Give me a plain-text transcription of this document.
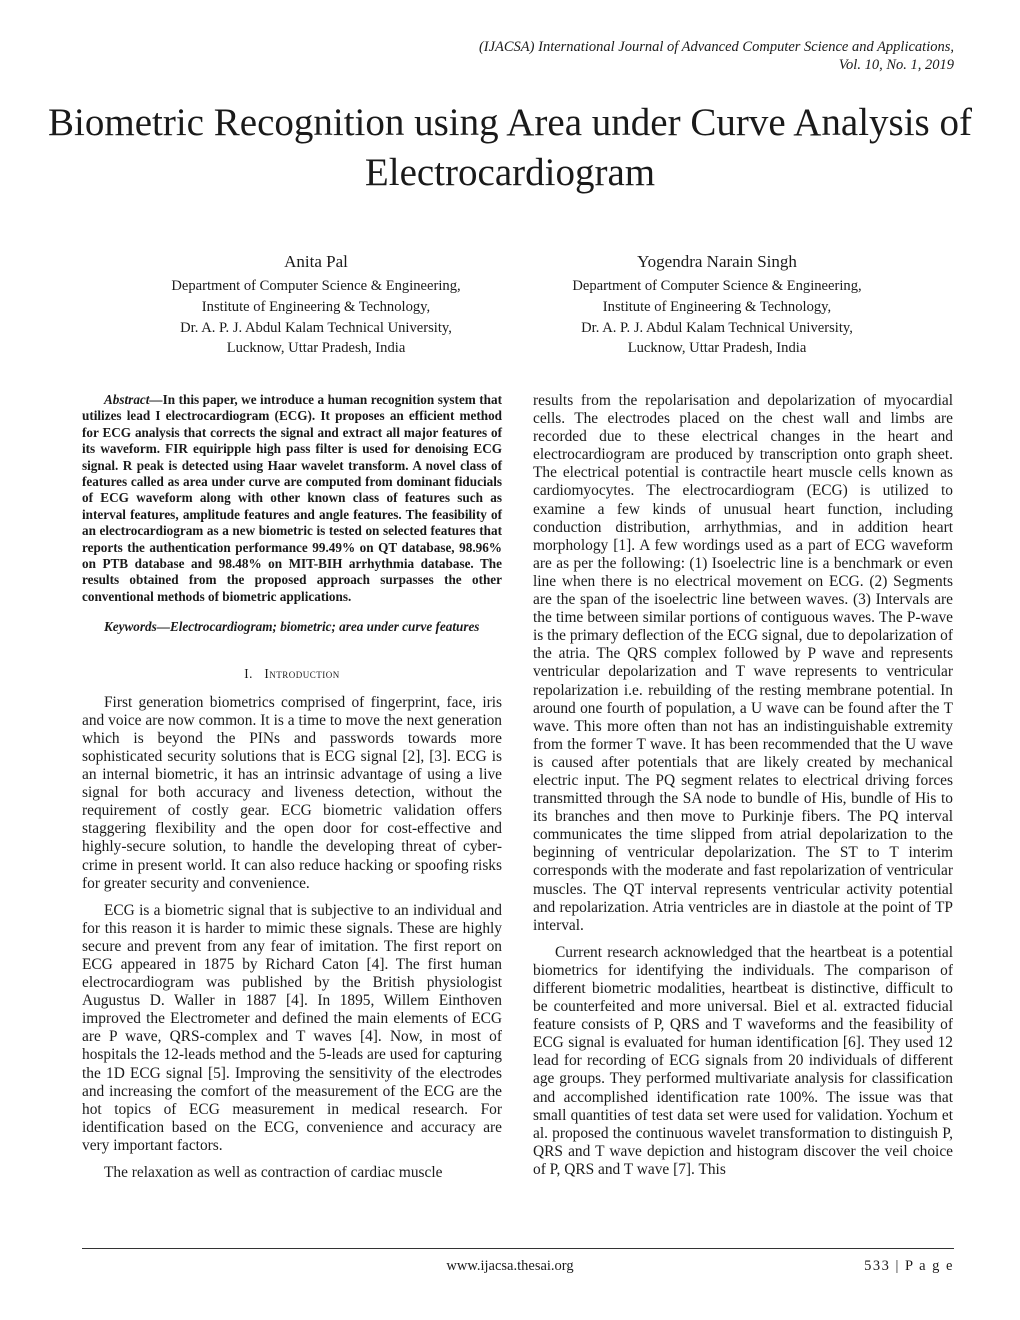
(IJACSA) International Journal of Advanced Computer Science and Applications,
Vol. 10, No. 1, 2019
Biometric Recognition using Area under Curve Analysis of Electrocardiogram
Anita Pal
Department of Computer Science & Engineering,
Institute of Engineering & Technology,
Dr. A. P. J. Abdul Kalam Technical University,
Lucknow, Uttar Pradesh, India
Yogendra Narain Singh
Department of Computer Science & Engineering,
Institute of Engineering & Technology,
Dr. A. P. J. Abdul Kalam Technical University,
Lucknow, Uttar Pradesh, India

Abstract—In this paper, we introduce a human recognition system that utilizes lead I electrocardiogram (ECG). It proposes an efficient method for ECG analysis that corrects the signal and extract all major features of its waveform. FIR equiripple high pass filter is used for denoising ECG signal. R peak is detected using Haar wavelet transform. A novel class of features called as area under curve are computed from dominant fiducials of ECG waveform along with other known class of features such as interval features, amplitude features and angle features. The feasibility of an electrocardiogram as a new biometric is tested on selected features that reports the authentication performance 99.49% on QT database, 98.96% on PTB database and 98.48% on MIT-BIH arrhythmia database. The results obtained from the proposed approach surpasses the other conventional methods of biometric applications.

Keywords—Electrocardiogram; biometric; area under curve features

I. Introduction

First generation biometrics comprised of fingerprint, face, iris and voice are now common. It is a time to move the next generation which is beyond the PINs and passwords towards more sophisticated security solutions that is ECG signal [2], [3]. ECG is an internal biometric, it has an intrinsic advantage of using a live signal for both accuracy and liveness detection, without the requirement of costly gear. ECG biometric validation offers staggering flexibility and the open door for cost-effective and highly-secure solution, to handle the developing threat of cyber-crime in present world. It can also reduce hacking or spoofing risks for greater security and convenience.

ECG is a biometric signal that is subjective to an individual and for this reason it is harder to mimic these signals. These are highly secure and prevent from any fear of imitation. The first report on ECG appeared in 1875 by Richard Caton [4]. The first human electrocardiogram was published by the British physiologist Augustus D. Waller in 1887 [4]. In 1895, Willem Einthoven improved the Electrometer and defined the main elements of ECG are P wave, QRS-complex and T waves [4]. Now, in most of hospitals the 12-leads method and the 5-leads are used for capturing the 1D ECG signal [5]. Improving the sensitivity of the electrodes and increasing the comfort of the measurement of the ECG are the hot topics of ECG measurement in medical research. For identification based on the ECG, convenience and accuracy are very important factors.

The relaxation as well as contraction of cardiac muscle

results from the repolarisation and depolarization of myocardial cells. The electrodes placed on the chest wall and limbs are recorded due to these electrical changes in the heart and electrocardiogram are produced by transcription onto graph sheet. The electrical potential is contractile heart muscle cells known as cardiomyocytes. The electrocardiogram (ECG) is utilized to examine a few kinds of unusual heart function, including conduction distribution, arrhythmias, and in addition heart morphology [1]. A few wordings used as a part of ECG waveform are as per the following: (1) Isoelectric line is a benchmark or even line when there is no electrical movement on ECG. (2) Segments are the span of the isoelectric line between waves. (3) Intervals are the time between similar portions of contiguous waves. The P-wave is the primary deflection of the ECG signal, due to depolarization of the atria. The QRS complex followed by P wave and represents ventricular depolarization and T wave represents to ventricular repolarization i.e. rebuilding of the resting membrane potential. In around one fourth of population, a U wave can be found after the T wave. This more often than not has an indistinguishable extremity from the former T wave. It has been recommended that the U wave is caused after potentials that are likely created by mechanical electric input. The PQ segment relates to electrical driving forces transmitted through the SA node to bundle of His, bundle of His to its branches and then move to Purkinje fibers. The PQ interval communicates the time slipped from atrial depolarization to the beginning of ventricular depolarization. The ST to T interim corresponds with the moderate and fast repolarization of ventricular muscles. The QT interval represents ventricular activity potential and repolarization. Atria ventricles are in diastole at the point of TP interval.

Current research acknowledged that the heartbeat is a potential biometrics for identifying the individuals. The comparison of different biometric modalities, heartbeat is distinctive, difficult to be counterfeited and more universal. Biel et al. extracted fiducial feature consists of P, QRS and T waveforms and the feasibility of ECG signal is evaluated for human identification [6]. They used 12 lead for recording of ECG signals from 20 individuals of different age groups. They performed multivariate analysis for classification and accomplished identification rate 100%. The issue was that small quantities of test data set were used for validation. Yochum et al. proposed the continuous wavelet transformation to distinguish P, QRS and T wave depiction and histogram discover the veil choice of P, QRS and T wave [7]. This

www.ijacsa.thesai.org	533 | P a g e
